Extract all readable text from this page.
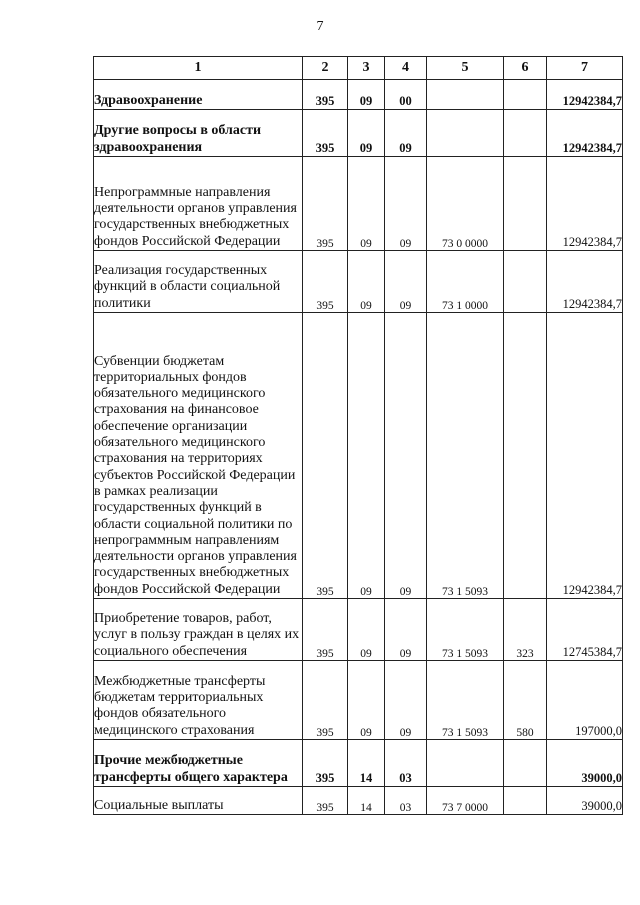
7
1	2	3	4	5	6	7
Здравоохранение	395	09	00			12942384,7
Другие вопросы в области здравоохранения	395	09	09			12942384,7
Непрограммные направления деятельности органов управления государственных внебюджетных фондов Российской Федерации	395	09	09	73 0 0000		12942384,7
Реализация государственных функций в области социальной политики	395	09	09	73 1 0000		12942384,7
Субвенции бюджетам территориальных фондов обязательного медицинского страхования на финансовое обеспечение организации обязательного медицинского страхования на территориях субъектов Российской Федерации в рамках реализации государственных функций в области социальной политики по непрограммным направлениям деятельности органов управления государственных внебюджетных фондов Российской Федерации	395	09	09	73 1 5093		12942384,7
Приобретение товаров, работ, услуг в пользу граждан в целях их социального обеспечения	395	09	09	73 1 5093	323	12745384,7
Межбюджетные трансферты бюджетам территориальных фондов обязательного медицинского страхования	395	09	09	73 1 5093	580	197000,0
Прочие межбюджетные трансферты общего характера	395	14	03			39000,0
Социальные выплаты	395	14	03	73 7 0000		39000,0
